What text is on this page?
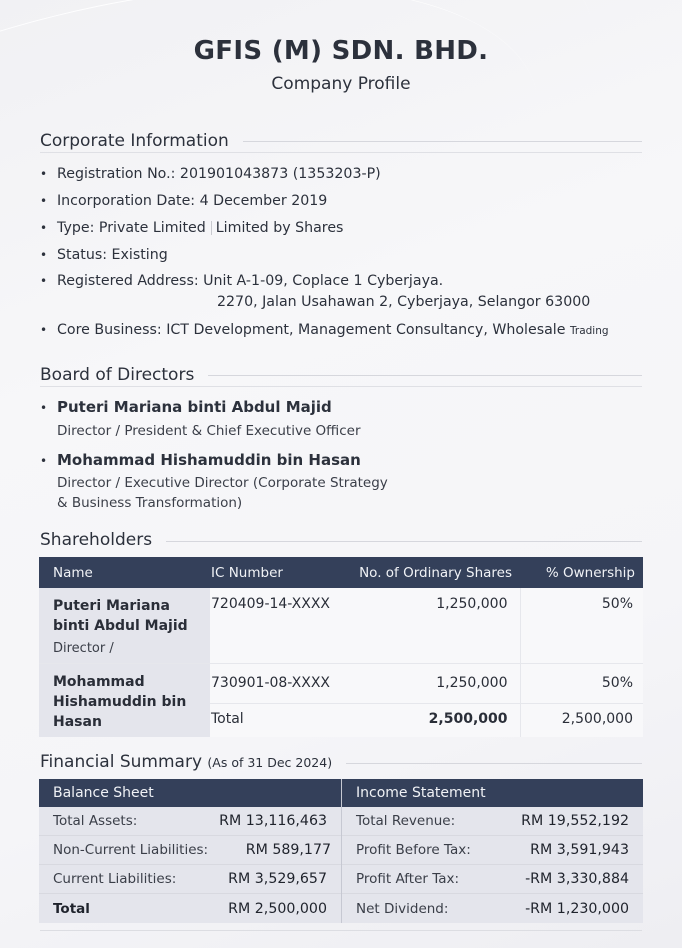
GFIS (M) SDN. BHD.
Company Profile
Corporate Information
• Registration No.: 201901043873 (1353203-P)
• Incorporation Date: 4 December 2019
• Type: Private Limited Limited by Shares
• Status: Existing
• Registered Address: Unit A-1-09, Coplace 1 Cyberjaya.
2270, Jalan Usahawan 2, Cyberjaya, Selangor 63000
• Core Business: ICT Development, Management Consultancy, Wholesale Trading
Board of Directors
• Puteri Mariana binti Abdul Majid
Director / President & Chief Executive Officer
• Mohammad Hishamuddin bin Hasan
Director / Executive Director (Corporate Strategy
& Business Transformation)
Shareholders
Name	IC Number	No. of Ordinary Shares	% Ownership

Puteri Mariana binti Abdul Majid
Director /	720409-14-XXXX	1,250,000	50%

Mohammad Hishamuddin bin Hasan	730901-08-XXXX	1,250,000	50%
	Total	2,500,000	2,500,000
Financial Summary (As of 31 Dec 2024)
Balance Sheet
Total Assets:	RM 13,116,463
Non-Current Liabilities:	RM 589,177
Current Liabilities:	RM 3,529,657
Total	RM 2,500,000
Income Statement
Total Revenue:	RM 19,552,192
Profit Before Tax:	RM 3,591,943
Profit After Tax:	-RM 3,330,884
Net Dividend:	-RM 1,230,000
